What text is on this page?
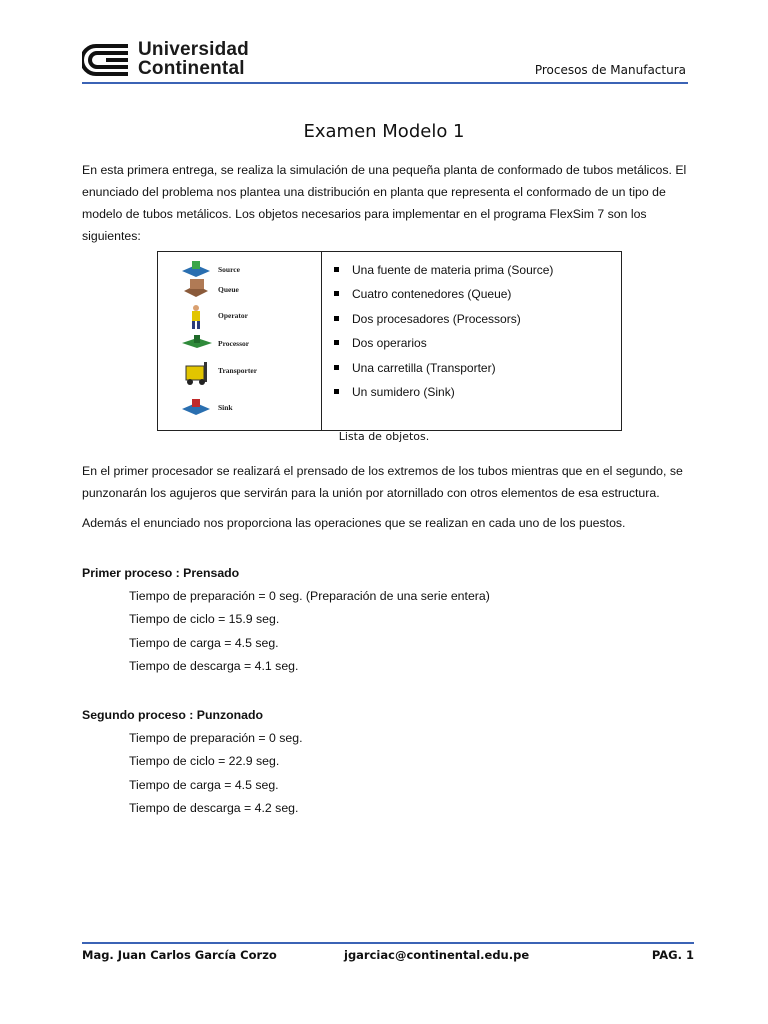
Universidad
Continental	Procesos de Manufactura
Examen Modelo 1
En esta primera entrega, se realiza la simulación de una pequeña planta de conformado de tubos metálicos. El enunciado del problema nos plantea una distribución en planta que representa el conformado de un tipo de modelo de tubos metálicos. Los objetos necesarios para implementar en el programa FlexSim 7 son los siguientes:
Source
Queue
Operator
Processor
Transporter
Sink
Una fuente de materia prima (Source)
Cuatro contenedores (Queue)
Dos procesadores (Processors)
Dos operarios
Una carretilla (Transporter)
Un sumidero (Sink)
Lista de objetos.
En el primer procesador se realizará el prensado de los extremos de los tubos mientras que en el segundo, se punzonarán los agujeros que servirán para la unión por atornillado con otros elementos de esa estructura.
Además el enunciado nos proporciona las operaciones que se realizan en cada uno de los puestos.
Primer proceso : Prensado
Tiempo de preparación = 0 seg. (Preparación de una serie entera)
Tiempo de ciclo = 15.9 seg.
Tiempo de carga = 4.5 seg.
Tiempo de descarga = 4.1 seg.
Segundo proceso : Punzonado
Tiempo de preparación = 0 seg.
Tiempo de ciclo = 22.9 seg.
Tiempo de carga = 4.5 seg.
Tiempo de descarga = 4.2 seg.
Mag. Juan Carlos García Corzo	jgarciac@continental.edu.pe	PAG. 1
